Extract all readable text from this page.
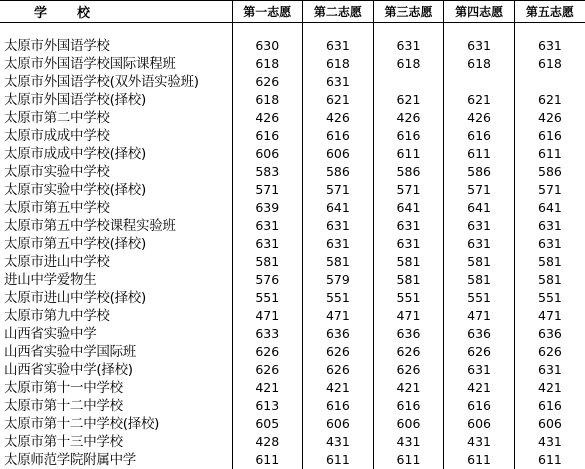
学校	第一志愿	第二志愿	第三志愿	第四志愿	第五志愿

太原市外国语学校	630	631	631	631	631
太原市外国语学校国际课程班	618	618	618	618	618
太原市外国语学校(双外语实验班)	626	631			
太原市外国语学校(择校)	618	621	621	621	621
太原市第二中学校	426	426	426	426	426
太原市成成中学校	616	616	616	616	616
太原市成成中学校(择校)	606	606	611	611	611
太原市实验中学校	583	586	586	586	586
太原市实验中学校(择校)	571	571	571	571	571
太原市第五中学校	639	641	641	641	641
太原市第五中学校课程实验班	631	631	631	631	631
太原市第五中学校(择校)	631	631	631	631	631
太原市进山中学校	581	581	581	581	581
进山中学爱物生	576	579	581	581	581
太原市进山中学校(择校)	551	551	551	551	551
太原市第九中学校	471	471	471	471	471
山西省实验中学	633	636	636	636	636
山西省实验中学国际班	626	626	626	626	626
山西省实验中学(择校)	626	626	626	631	631
太原市第十一中学校	421	421	421	421	421
太原市第十二中学校	613	616	616	616	616
太原市第十二中学校(择校)	605	606	606	606	606
太原市第十三中学校	428	431	431	431	431
太原师范学院附属中学	611	611	611	611	611
